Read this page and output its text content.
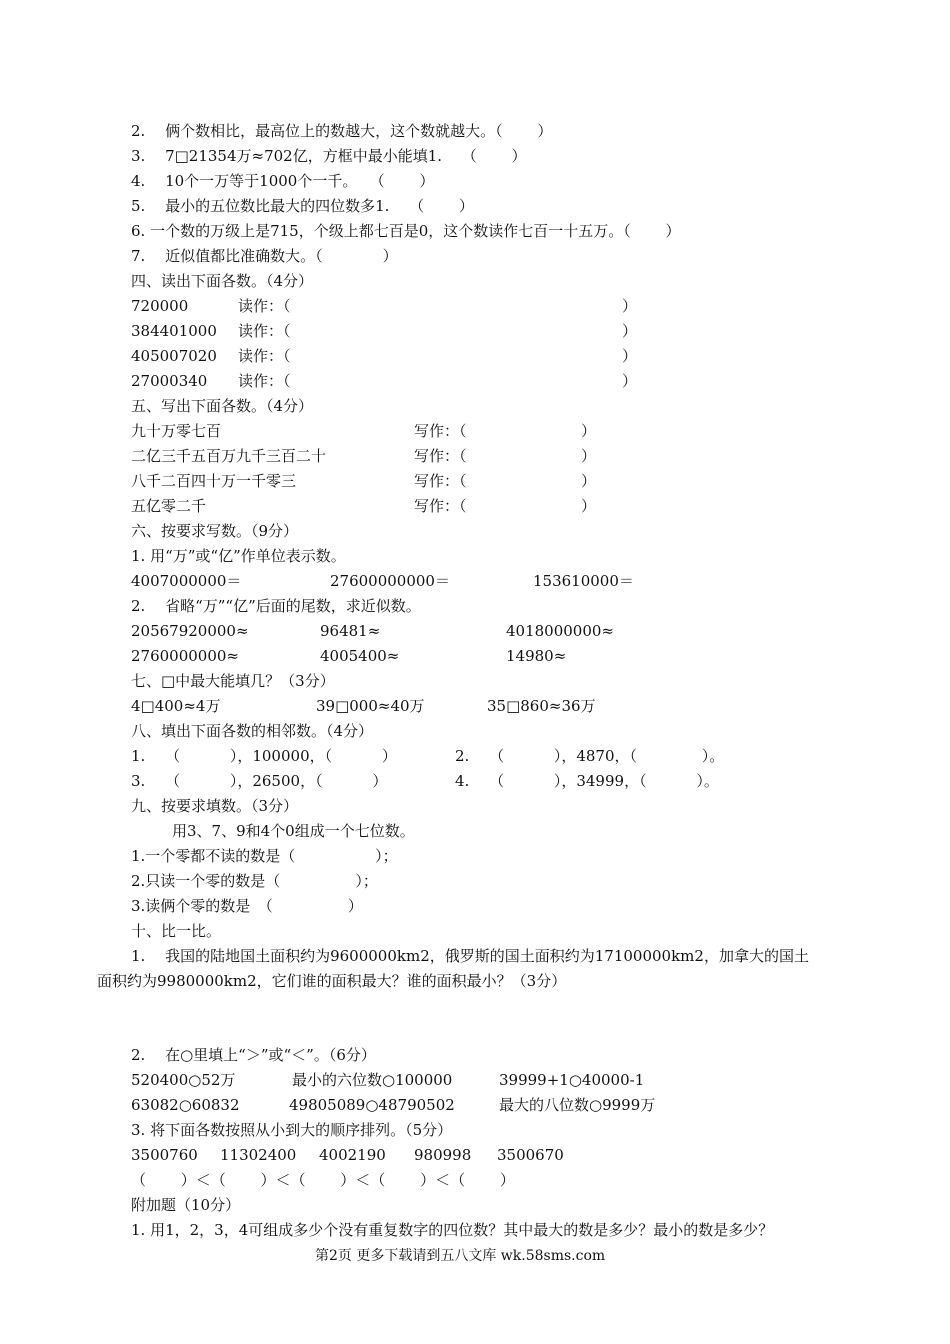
2.　 俩个数相比，最高位上的数越大，这个数就越大。（　　 ）
3.　 7□21354万≈702亿，方框中最小能填1.　 （　　 ）
4.　 10个一万等于1000个一千。　 （　　 ）
5.　 最小的五位数比最大的四位数多1.　 （　　 ）
6. 一个数的万级上是715，个级上都七百是0，这个数读作七百一十五万。（　　 ）
7.　 近似值都比准确数大。（　　　　）
四、读出下面各数。（4分）
720000	读作：（	）
384401000 读作：（	）
405007020 读作：（	）
27000340 读作：（	）
五、写出下面各数。（4分）
九十万零七百	写作：（	）
二亿三千五百万九千三百二十	写作：（	）
八千二百四十万一千零三	写作：（	）
五亿零二千	写作：（	）
六、按要求写数。（9分）
1. 用“万”或“亿”作单位表示数。
4007000000＝	27600000000＝	153610000＝
2.　 省略“万”“亿”后面的尾数，求近似数。
20567920000≈	96481≈	4018000000≈
2760000000≈	4005400≈	14980≈
七、□中最大能填几？（3分）
4□400≈4万	39□000≈40万	35□860≈36万
八、填出下面各数的相邻数。（4分）
1.　 （　　　 ），100000，（　　　 ）	2.　 （　　　 ），4870，（　　　　 ）。
3.　 （　　　 ），26500，（　　　 ）	4.　 （　　　 ），34999，（　　　 ）。
九、按要求填数。（3分）
用3、7、9和4个0组成一个七位数。
1.一个零都不读的数是（　　　　　 ）；
2.只读一个零的数是（　　　　　）；
3.读俩个零的数是　（　　　　　）
十、比一比。
1.　 我国的陆地国土面积约为9600000km2，俄罗斯的国土面积约为17100000km2，加拿大的国土
面积约为9980000km2，它们谁的面积最大？谁的面积最小？（3分）
2.　 在○里填上“＞”或“＜”。（6分）
520400○52万	最小的六位数○100000	39999+1○40000-1
63082○60832	49805089○48790502	最大的八位数○9999万
3. 将下面各数按照从小到大的顺序排列。（5分）
3500760 11302400 4002190 980998 3500670
（　　 ）＜（　　 ）＜（　　 ）＜（　　 ）＜（　　 ）
附加题（10分）
1. 用1，2，3，4可组成多少个没有重复数字的四位数？其中最大的数是多少？最小的数是多少？
第2页 更多下载请到五八文库 wk.58sms.com
